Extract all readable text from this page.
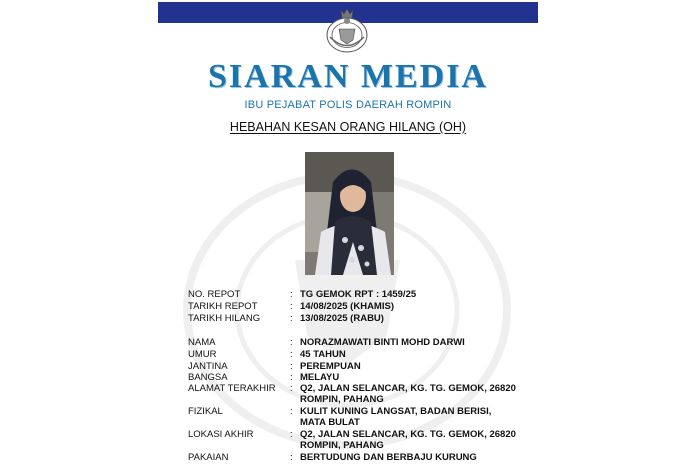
SIARAN MEDIA
IBU PEJABAT POLIS DAERAH ROMPIN
HEBAHAN KESAN ORANG HILANG (OH)
NO. REPOT	: TG GEMOK RPT : 1459/25
TARIKH REPOT	: 14/08/2025 (KHAMIS)
TARIKH HILANG	: 13/08/2025 (RABU)
NAMA	: NORAZMAWATI BINTI MOHD DARWI
UMUR	: 45 TAHUN
JANTINA	: PEREMPUAN
BANGSA	: MELAYU
ALAMAT TERAKHIR : Q2, JALAN SELANCAR, KG. TG. GEMOK, 26820
ROMPIN, PAHANG
FIZIKAL	: KULIT KUNING LANGSAT, BADAN BERISI,
MATA BULAT
LOKASI AKHIR	: Q2, JALAN SELANCAR, KG. TG. GEMOK, 26820
ROMPIN, PAHANG
PAKAIAN	: BERTUDUNG DAN BERBAJU KURUNG
